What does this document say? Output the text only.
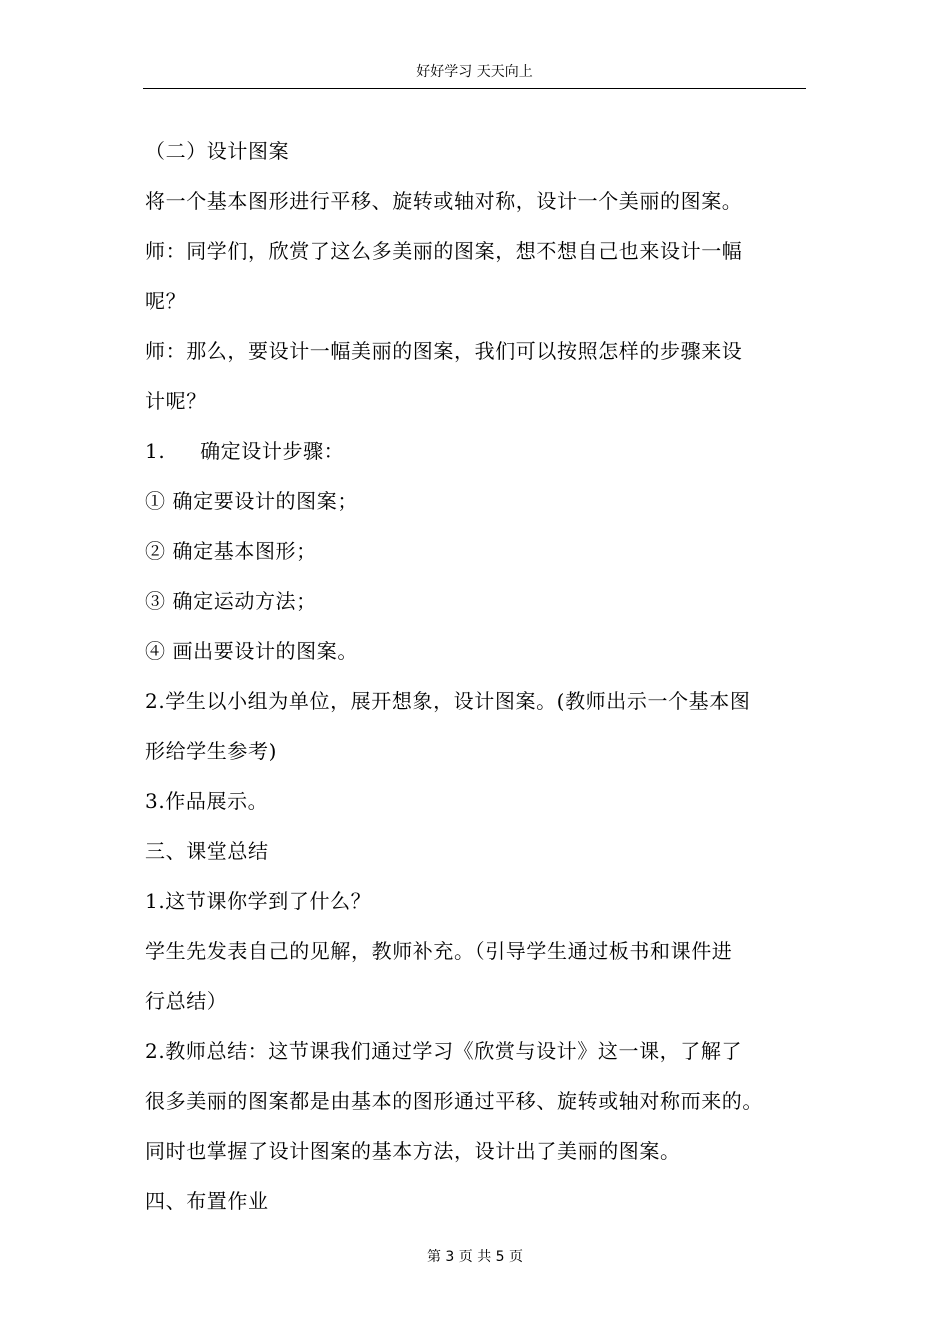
好好学习 天天向上
（二）设计图案
将一个基本图形进行平移、旋转或轴对称，设计一个美丽的图案。
师：同学们，欣赏了这么多美丽的图案，想不想自己也来设计一幅
呢？
师：那么，要设计一幅美丽的图案，我们可以按照怎样的步骤来设
计呢？
1.     确定设计步骤：
① 确定要设计的图案；
② 确定基本图形；
③ 确定运动方法；
④ 画出要设计的图案。
2.学生以小组为单位，展开想象，设计图案。(教师出示一个基本图
形给学生参考)
3.作品展示。
三、课堂总结
1.这节课你学到了什么？
学生先发表自己的见解，教师补充。（引导学生通过板书和课件进
行总结）
2.教师总结：这节课我们通过学习《欣赏与设计》这一课，了解了
很多美丽的图案都是由基本的图形通过平移、旋转或轴对称而来的。
同时也掌握了设计图案的基本方法，设计出了美丽的图案。
四、布置作业
第 3 页 共 5 页
